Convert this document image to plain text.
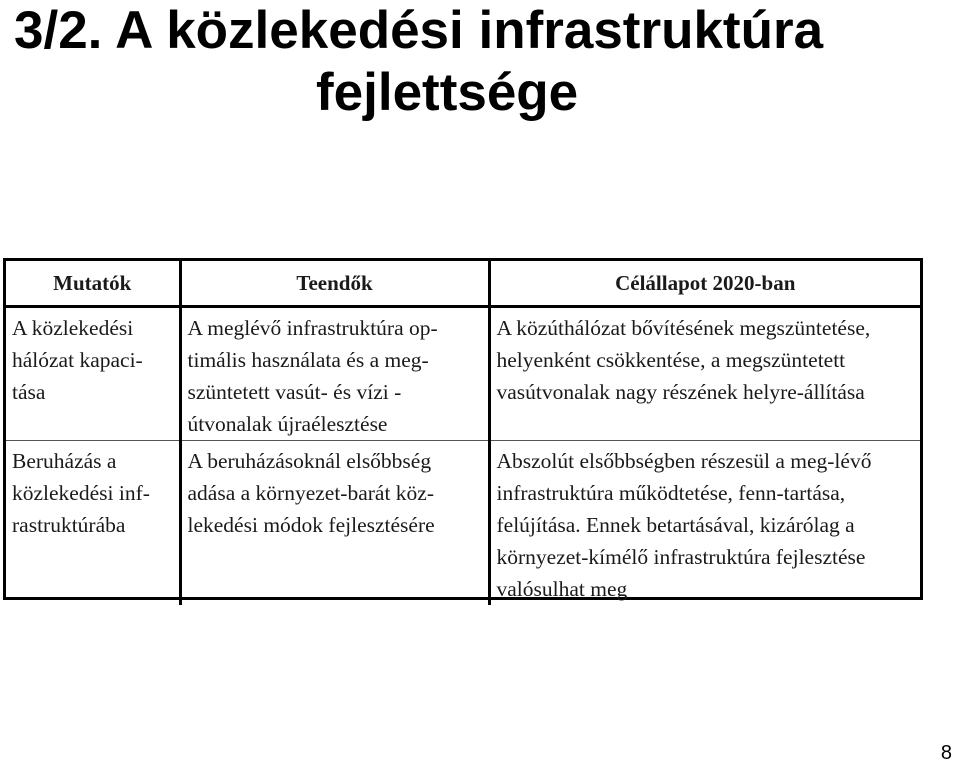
3/2. A közlekedési infrastruktúra
fejlettsége
Mutatók	Teendők	Célállapot 2020-ban
A közlekedési hálózat kapaci-tása	A meglévő infrastruktúra op-timális használata és a meg-szüntetett vasút- és vízi - útvonalak újraélesztése	A közúthálózat bővítésének megszüntetése, helyenként csökkentése, a megszüntetett vasútvonalak nagy részének helyre-állítása
Beruházás a közlekedési inf-rastruktúrába	A beruházásoknál elsőbbség adása a környezet-barát köz-lekedési módok fejlesztésére	Abszolút elsőbbségben részesül a meg-lévő infrastruktúra működtetése, fenn-tartása, felújítása. Ennek betartásával, kizárólag a környezet-kímélő infrastruktúra fejlesztése valósulhat meg
8
